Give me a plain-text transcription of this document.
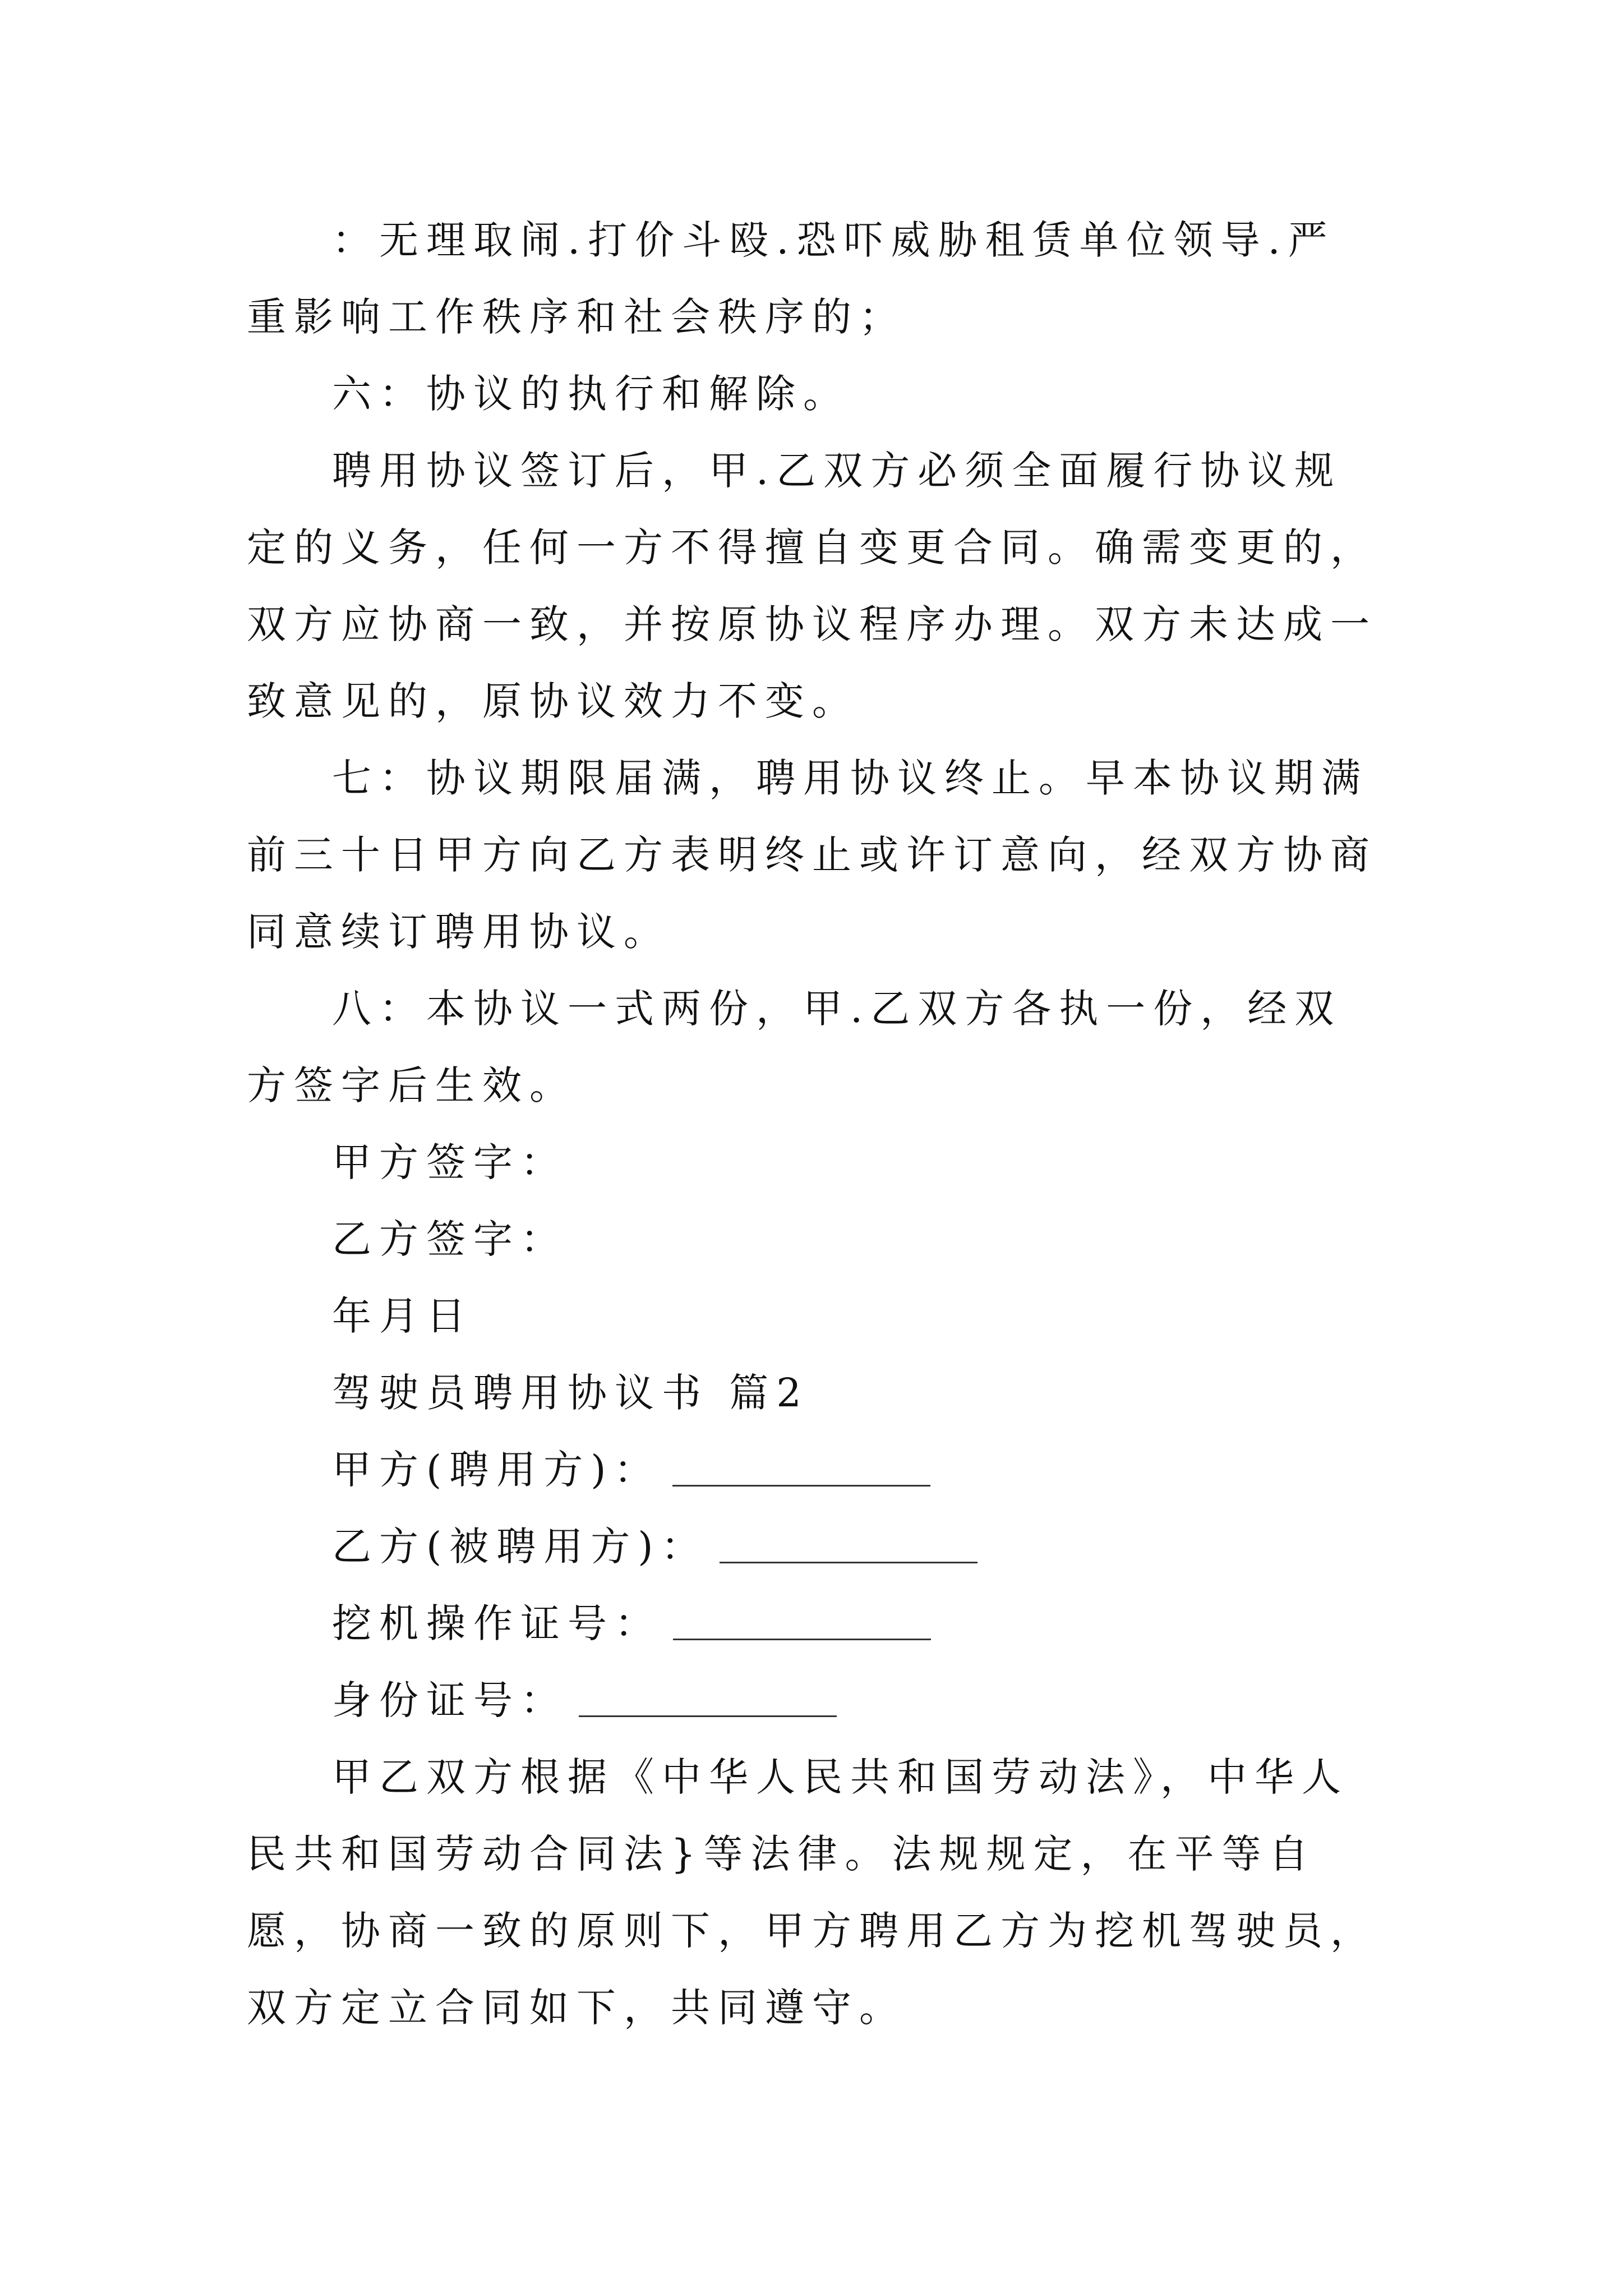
：无理取闹.打价斗殴.恐吓威胁租赁单位领导.严重影响工作秩序和社会秩序的；

六：协议的执行和解除。

聘用协议签订后，甲.乙双方必须全面履行协议规定的义务，任何一方不得擅自变更合同。确需变更的，双方应协商一致，并按原协议程序办理。双方未达成一致意见的，原协议效力不变。

七：协议期限届满，聘用协议终止。早本协议期满前三十日甲方向乙方表明终止或许订意向，经双方协商同意续订聘用协议。

八：本协议一式两份，甲.乙双方各执一份，经双方签字后生效。

甲方签字：

乙方签字：

年月日

驾驶员聘用协议书 篇2

甲方(聘用方)：

乙方(被聘用方)：

挖机操作证号：

身份证号：

甲乙双方根据《中华人民共和国劳动法》，中华人民共和国劳动合同法}等法律。法规规定，在平等自愿，协商一致的原则下，甲方聘用乙方为挖机驾驶员，双方定立合同如下，共同遵守。
